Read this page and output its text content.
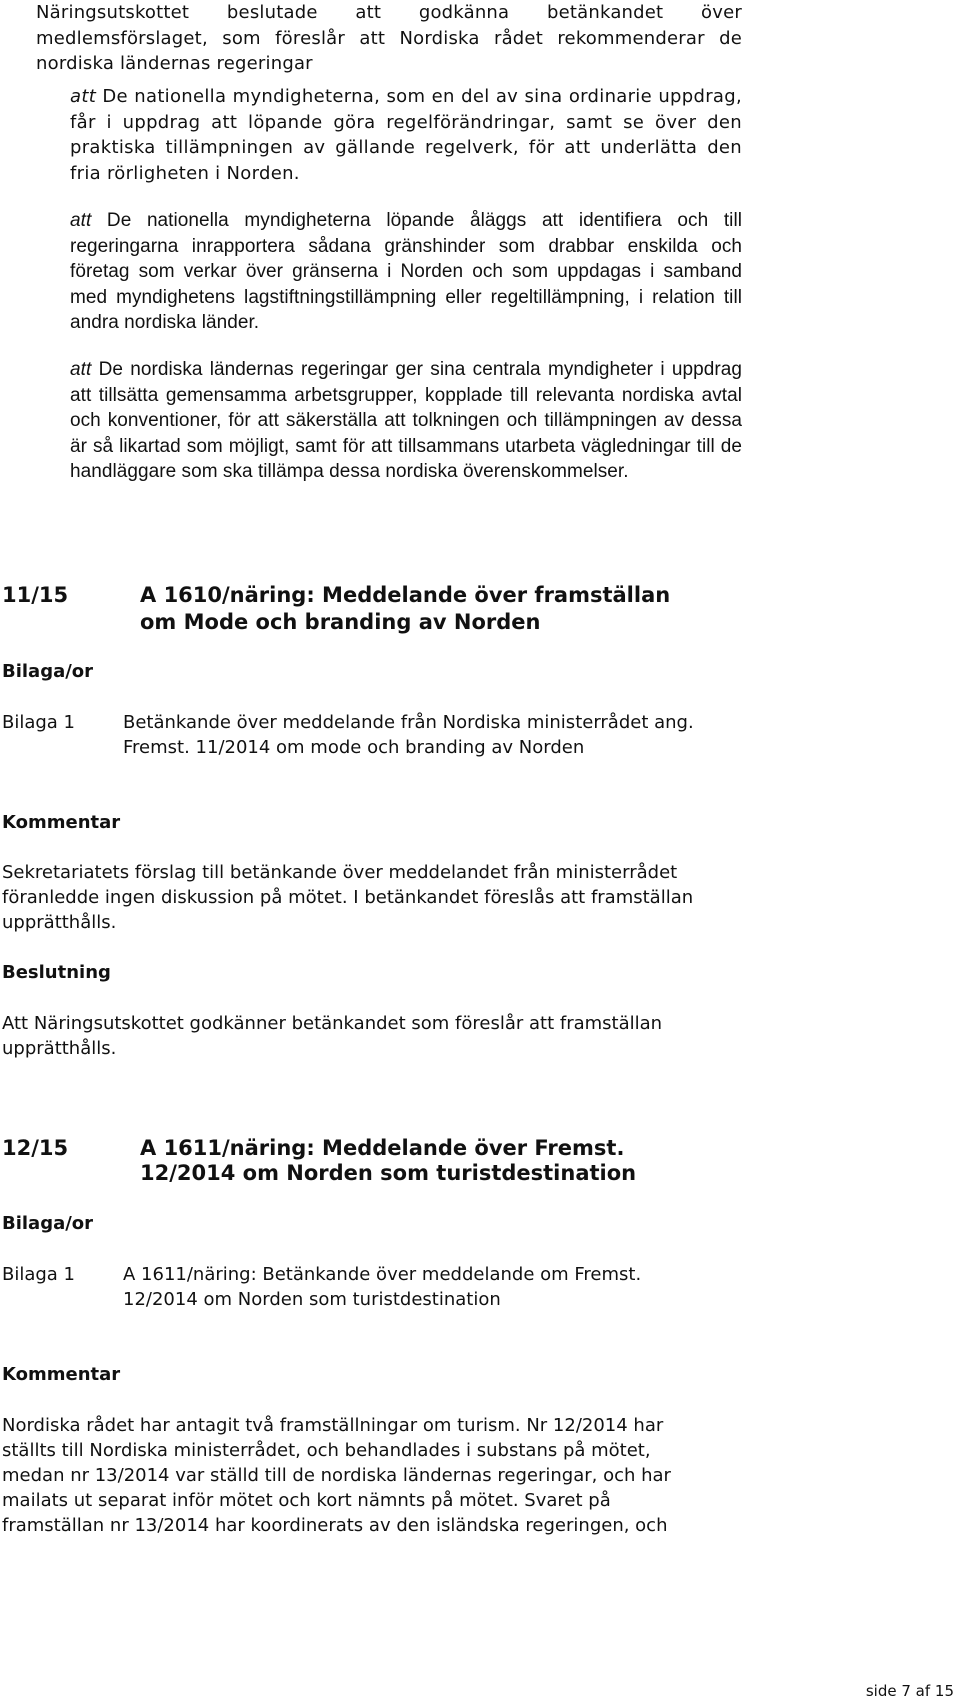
Näringsutskottet beslutade att godkänna betänkandet över medlemsförslaget, som föreslår att Nordiska rådet rekommenderar de nordiska ländernas regeringar
att De nationella myndigheterna, som en del av sina ordinarie uppdrag, får i uppdrag att löpande göra regelförändringar, samt se över den praktiska tillämpningen av gällande regelverk, för att underlätta den fria rörligheten i Norden.
att De nationella myndigheterna löpande åläggs att identifiera och till regeringarna inrapportera sådana gränshinder som drabbar enskilda och företag som verkar över gränserna i Norden och som uppdagas i samband med myndighetens lagstiftningstillämpning eller regeltillämpning, i relation till andra nordiska länder.
att De nordiska ländernas regeringar ger sina centrala myndigheter i uppdrag att tillsätta gemensamma arbetsgrupper, kopplade till relevanta nordiska avtal och konventioner, för att säkerställa att tolkningen och tillämpningen av dessa är så likartad som möjligt, samt för att tillsammans utarbeta vägledningar till de handläggare som ska tillämpa dessa nordiska överenskommelser.
11/15	A 1610/näring: Meddelande över framställan
om Mode och branding av Norden
Bilaga/or
Bilaga 1	Betänkande över meddelande från Nordiska ministerrådet ang.
Fremst. 11/2014 om mode och branding av Norden
Kommentar
Sekretariatets förslag till betänkande över meddelandet från ministerrådet
föranledde ingen diskussion på mötet. I betänkandet föreslås att framställan
upprätthålls.
Beslutning
Att Näringsutskottet godkänner betänkandet som föreslår att framställan
upprätthålls.
12/15	A 1611/näring: Meddelande över Fremst.
12/2014 om Norden som turistdestination
Bilaga/or
Bilaga 1	A 1611/näring: Betänkande över meddelande om Fremst.
12/2014 om Norden som turistdestination
Kommentar
Nordiska rådet har antagit två framställningar om turism. Nr 12/2014 har
ställts till Nordiska ministerrådet, och behandlades i substans på mötet,
medan nr 13/2014 var ställd till de nordiska ländernas regeringar, och har
mailats ut separat inför mötet och kort nämnts på mötet. Svaret på
framställan nr 13/2014 har koordinerats av den isländska regeringen, och
side 7 af 15
